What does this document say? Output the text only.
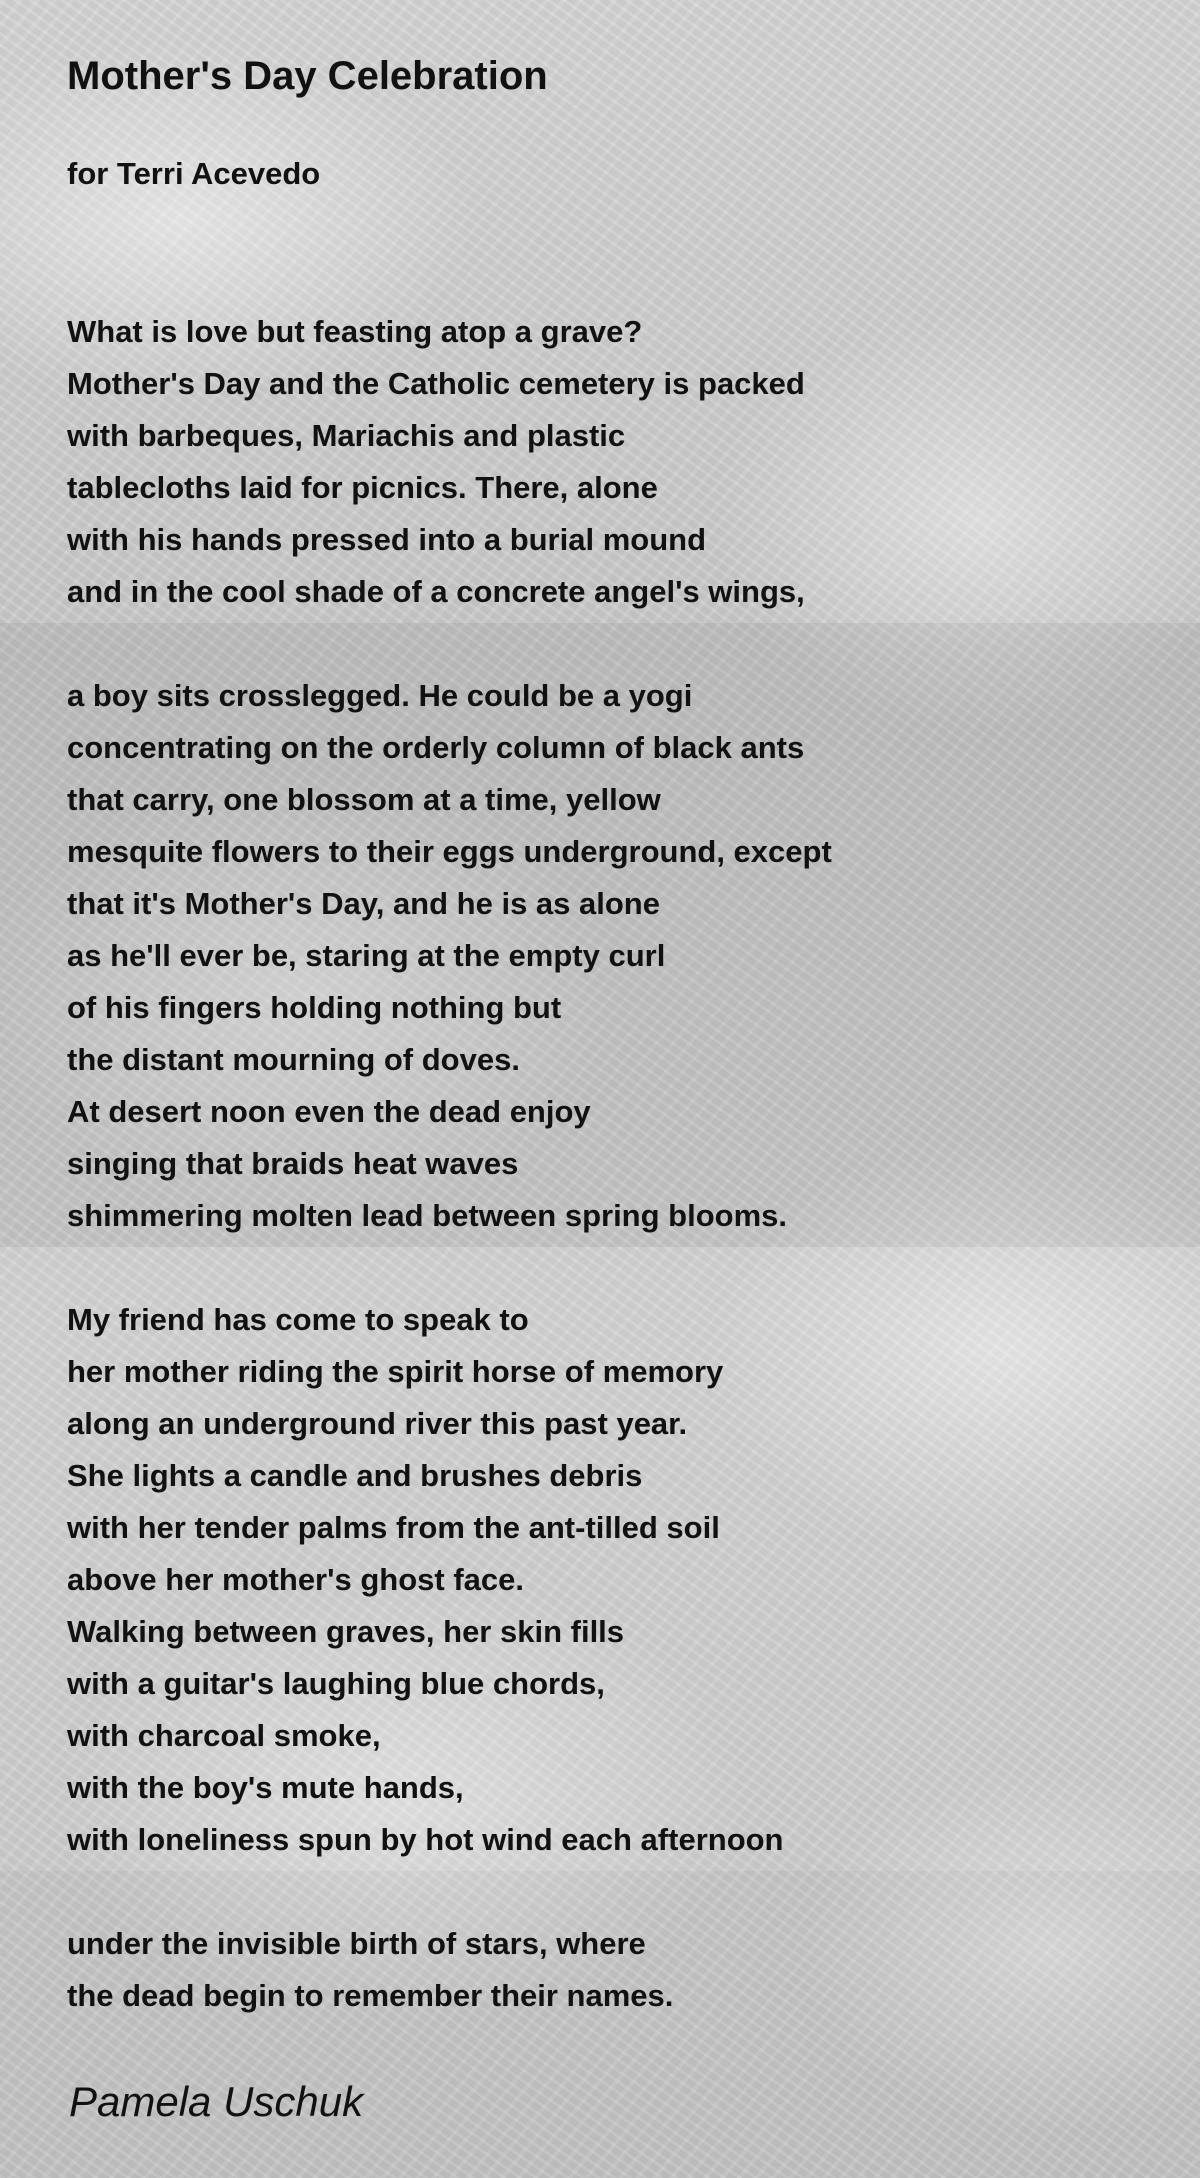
Mother's Day Celebration
for Terri Acevedo
What is love but feasting atop a grave?
Mother's Day and the Catholic cemetery is packed
with barbeques, Mariachis and plastic
tablecloths laid for picnics. There, alone
with his hands pressed into a burial mound
and in the cool shade of a concrete angel's wings,
a boy sits crosslegged. He could be a yogi
concentrating on the orderly column of black ants
that carry, one blossom at a time, yellow
mesquite flowers to their eggs underground, except
that it's Mother's Day, and he is as alone
as he'll ever be, staring at the empty curl
of his fingers holding nothing but
the distant mourning of doves.
At desert noon even the dead enjoy
singing that braids heat waves
shimmering molten lead between spring blooms.
My friend has come to speak to
her mother riding the spirit horse of memory
along an underground river this past year.
She lights a candle and brushes debris
with her tender palms from the ant-tilled soil
above her mother's ghost face.
Walking between graves, her skin fills
with a guitar's laughing blue chords,
with charcoal smoke,
with the boy's mute hands,
with loneliness spun by hot wind each afternoon
under the invisible birth of stars, where
the dead begin to remember their names.
Pamela Uschuk
